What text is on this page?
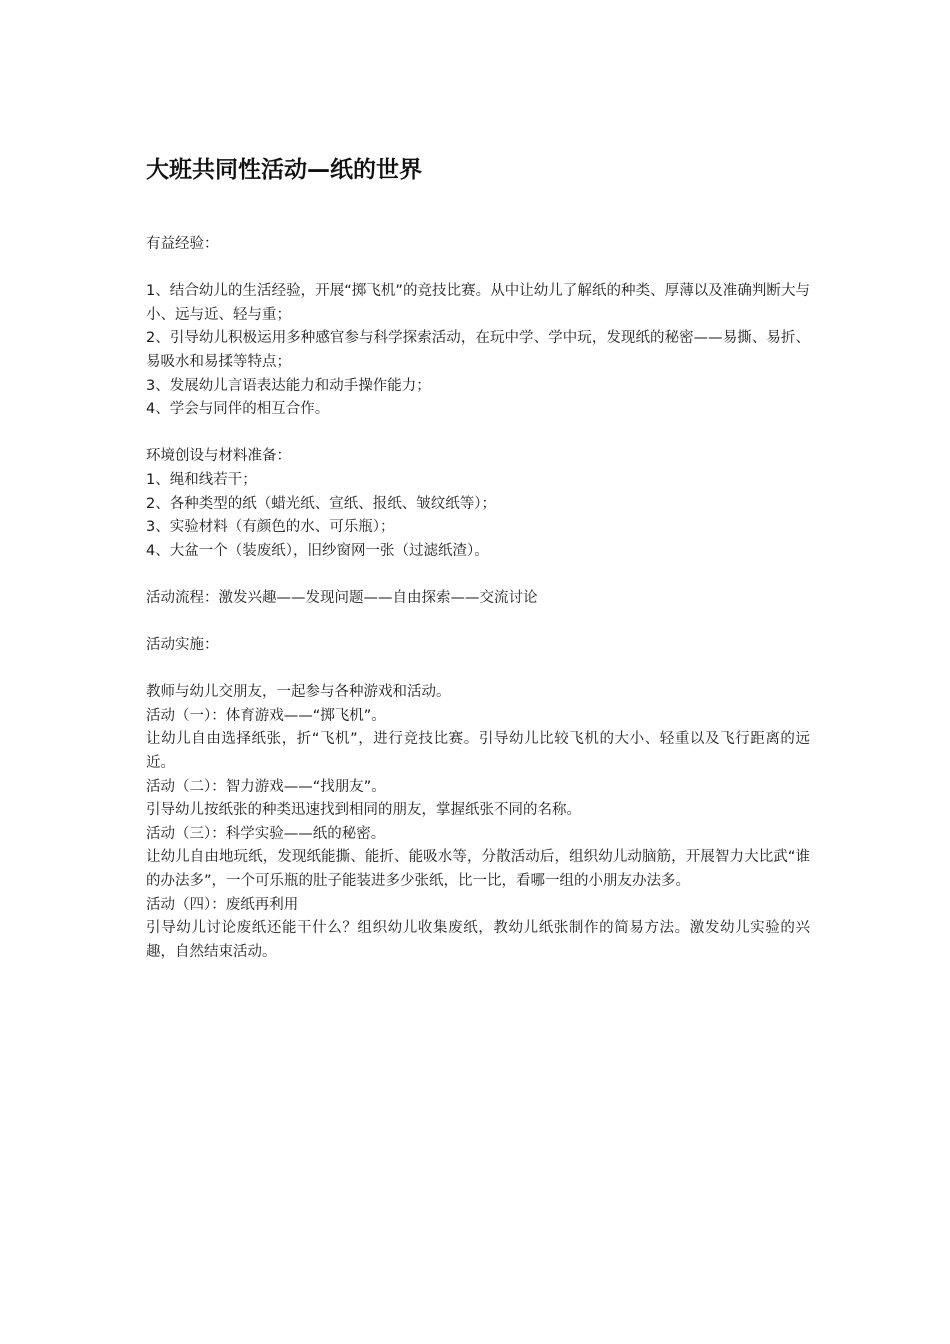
大班共同性活动—纸的世界

有益经验：

1、结合幼儿的生活经验，开展“掷飞机”的竞技比赛。从中让幼儿了解纸的种类、厚薄以及准确判断大与小、远与近、轻与重；

2、引导幼儿积极运用多种感官参与科学探索活动，在玩中学、学中玩，发现纸的秘密——易撕、易折、易吸水和易揉等特点；

3、发展幼儿言语表达能力和动手操作能力；

4、学会与同伴的相互合作。

环境创设与材料准备：

1、绳和线若干；

2、各种类型的纸（蜡光纸、宣纸、报纸、皱纹纸等）；

3、实验材料（有颜色的水、可乐瓶）；

4、大盆一个（装废纸），旧纱窗网一张（过滤纸渣）。

活动流程：激发兴趣——发现问题——自由探索——交流讨论

活动实施：

教师与幼儿交朋友，一起参与各种游戏和活动。

活动（一）：体育游戏——“掷飞机”。

让幼儿自由选择纸张，折“飞机”，进行竞技比赛。引导幼儿比较飞机的大小、轻重以及飞行距离的远近。

活动（二）：智力游戏——“找朋友”。

引导幼儿按纸张的种类迅速找到相同的朋友，掌握纸张不同的名称。

活动（三）：科学实验——纸的秘密。

让幼儿自由地玩纸，发现纸能撕、能折、能吸水等，分散活动后，组织幼儿动脑筋，开展智力大比武“谁的办法多”，一个可乐瓶的肚子能装进多少张纸，比一比，看哪一组的小朋友办法多。

活动（四）：废纸再利用

引导幼儿讨论废纸还能干什么？组织幼儿收集废纸，教幼儿纸张制作的简易方法。激发幼儿实验的兴趣，自然结束活动。
